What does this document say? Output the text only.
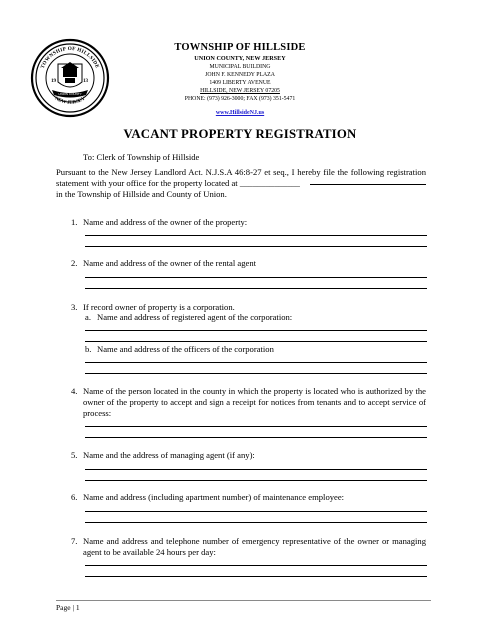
TOWNSHIP OF HILLSIDE
NEW JERSEY
UNION COUNTY
19	13
TOWNSHIP OF HILLSIDE
UNION COUNTY, NEW JERSEY
MUNICIPAL BUILDING
JOHN F. KENNEDY PLAZA
1409 LIBERTY AVENUE
HILLSIDE, NEW JERSEY 07205
PHONE: (973) 926-3000; FAX (973) 351-5471
www.HillsideNJ.us
VACANT PROPERTY REGISTRATION
To: Clerk of Township of Hillside
Pursuant to the New Jersey Landlord Act. N.J.S.A 46:8-27 et seq., I hereby file the following registration statement with your office for the property located at ______________
in the Township of Hillside and County of Union.
1. Name and address of the owner of the property:
2. Name and address of the owner of the rental agent
3. If record owner of property is a corporation.
a. Name and address of registered agent of the corporation:
b. Name and address of the officers of the corporation
4. Name of the person located in the county in which the property is located who is authorized by the owner of the property to accept and sign a receipt for notices from tenants and to accept service of process:
5. Name and the address of managing agent (if any):
6. Name and address (including apartment number) of maintenance employee:
7. Name and address and telephone number of emergency representative of the owner or managing agent to be available 24 hours per day:
Page | 1
